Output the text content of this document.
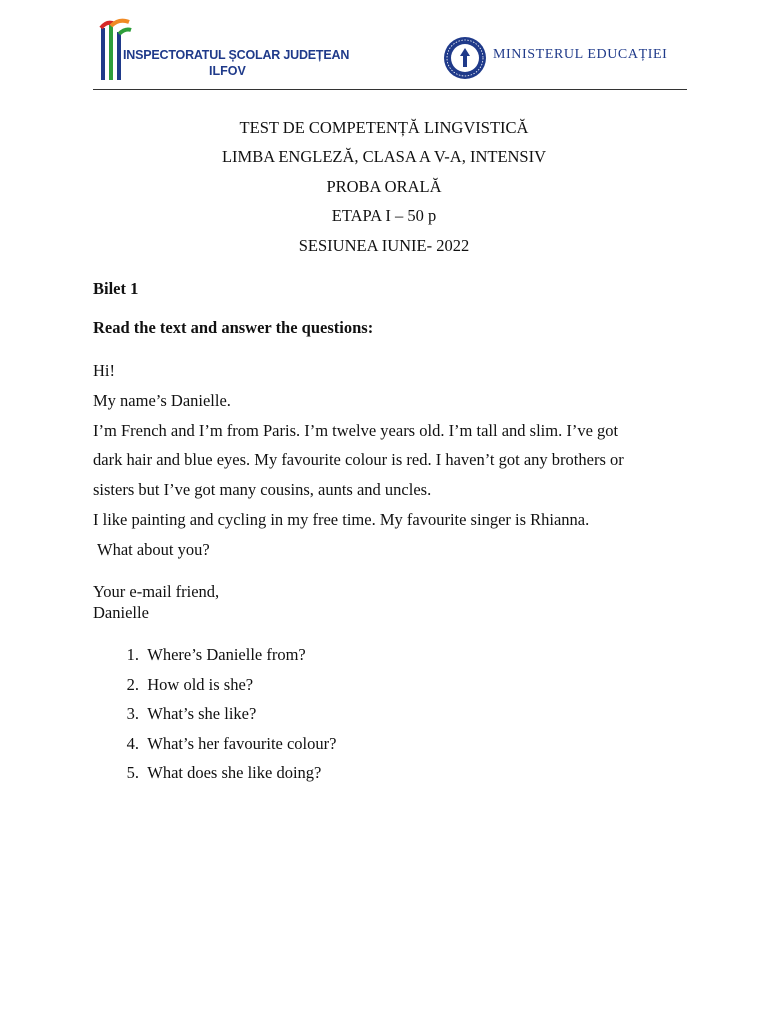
INSPECTORATUL ȘCOLAR JUDEȚEAN
ILFOV
MINISTERUL EDUCAȚIEI
TEST DE COMPETENȚĂ LINGVISTICĂ
LIMBA ENGLEZĂ, CLASA A V-A, INTENSIV
PROBA ORALĂ
ETAPA I – 50 p
SESIUNEA IUNIE- 2022
Bilet 1
Read the text and answer the questions:

Hi!

My name’s Danielle.

I’m French and I’m from Paris. I’m twelve years old. I’m tall and slim. I’ve got

dark hair and blue eyes. My favourite colour is red. I haven’t got any brothers or

sisters but I’ve got many cousins, aunts and uncles.

I like painting and cycling in my free time. My favourite singer is Rhianna.

What about you?

Your e-mail friend,

Danielle

1. Where’s Danielle from?
2. How old is she?
3. What’s she like?
4. What’s her favourite colour?
5. What does she like doing?
